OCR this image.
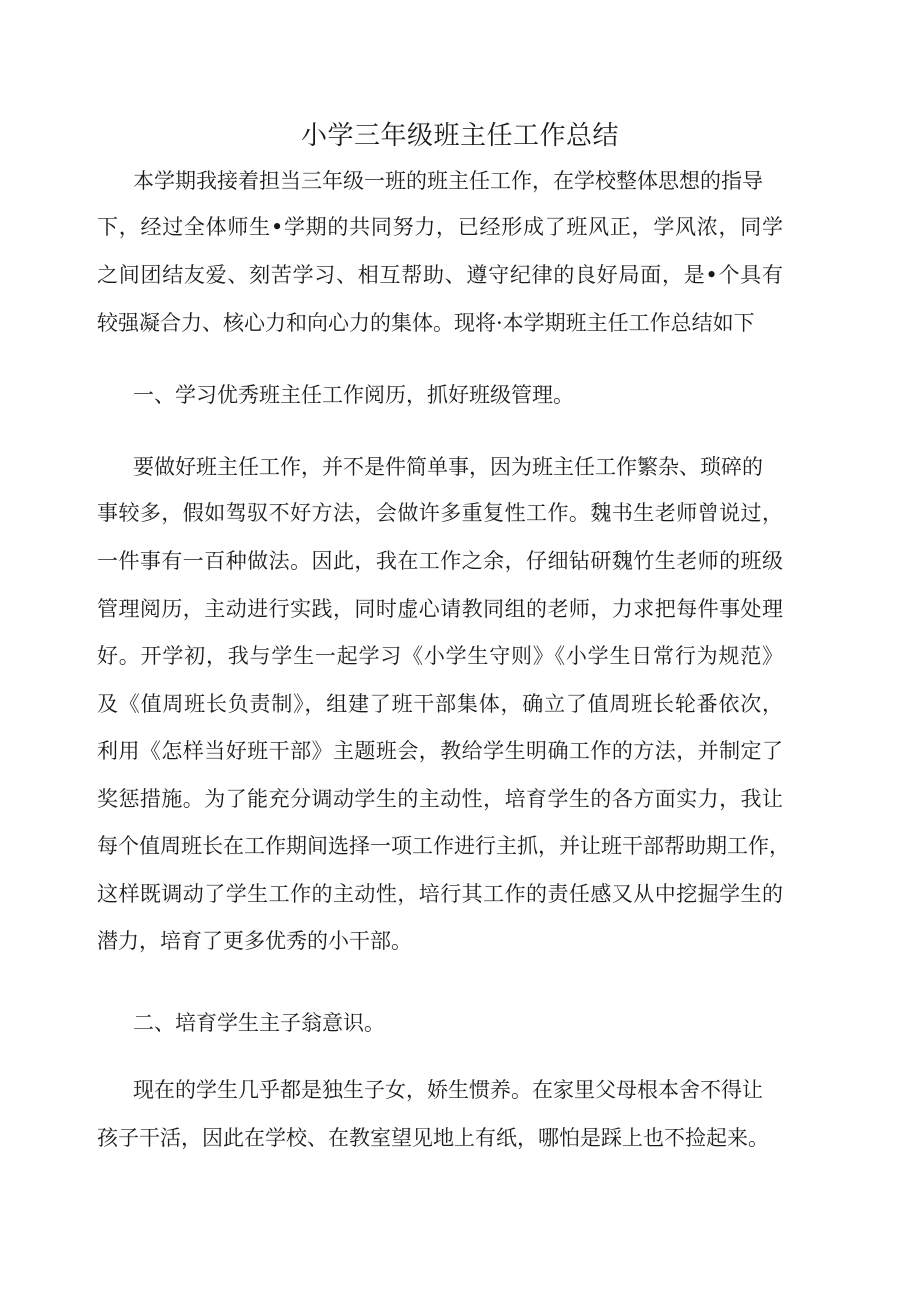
小学三年级班主任工作总结
本学期我接着担当三年级一班的班主任工作，在学校整体思想的指导
下，经过全体师生•学期的共同努力，已经形成了班风正，学风浓，同学
之间团结友爱、刻苦学习、相互帮助、遵守纪律的良好局面，是•个具有
较强凝合力、核心力和向心力的集体。现将·本学期班主任工作总结如下
一、学习优秀班主任工作阅历，抓好班级管理。
要做好班主任工作，并不是件简单事，因为班主任工作繁杂、琐碎的
事较多，假如驾驭不好方法，会做许多重复性工作。魏书生老师曾说过，
一件事有一百种做法。因此，我在工作之余，仔细钻研魏竹生老师的班级
管理阅历，主动进行实践，同时虚心请教同组的老师，力求把每件事处理
好。开学初，我与学生一起学习《小学生守则》《小学生日常行为规范》
及《值周班长负责制》，组建了班干部集体，确立了值周班长轮番依次，
利用《怎样当好班干部》主题班会，教给学生明确工作的方法，并制定了
奖惩措施。为了能充分调动学生的主动性，培育学生的各方面实力，我让
每个值周班长在工作期间选择一项工作进行主抓，并让班干部帮助期工作，
这样既调动了学生工作的主动性，培行其工作的责任感又从中挖掘学生的
潜力，培育了更多优秀的小干部。
二、培育学生主子翁意识。
现在的学生几乎都是独生子女，娇生惯养。在家里父母根本舍不得让
孩子干活，因此在学校、在教室望见地上有纸，哪怕是踩上也不捡起来。
